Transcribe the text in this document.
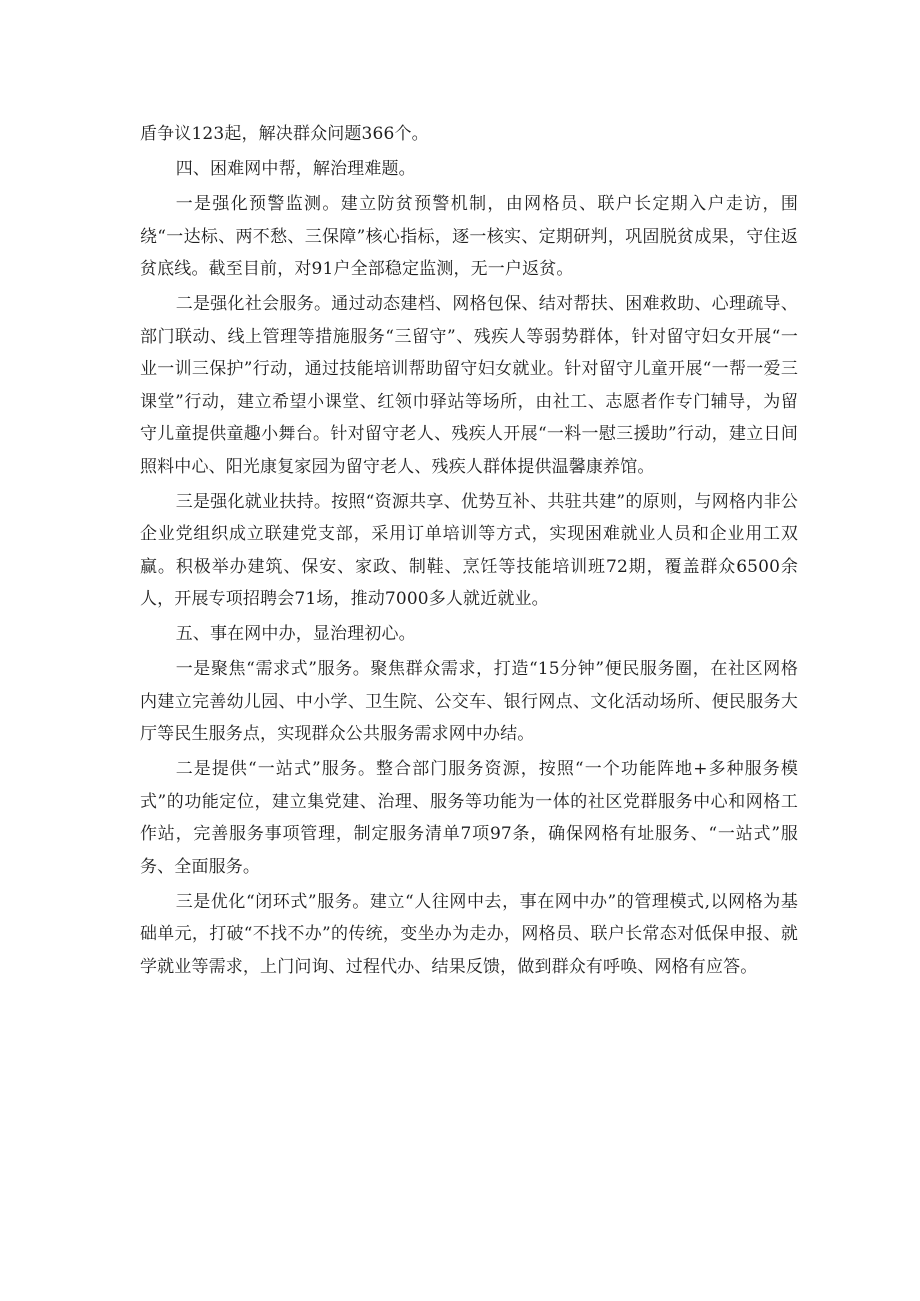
盾争议123起，解决群众问题366个。

四、困难网中帮，解治理难题。

一是强化预警监测。建立防贫预警机制，由网格员、联户长定期入户走访，围绕“一达标、两不愁、三保障”核心指标，逐一核实、定期研判，巩固脱贫成果，守住返贫底线。截至目前，对91户全部稳定监测，无一户返贫。

二是强化社会服务。通过动态建档、网格包保、结对帮扶、困难救助、心理疏导、部门联动、线上管理等措施服务“三留守”、残疾人等弱势群体，针对留守妇女开展“一业一训三保护”行动，通过技能培训帮助留守妇女就业。针对留守儿童开展“一帮一爱三课堂”行动，建立希望小课堂、红领巾驿站等场所，由社工、志愿者作专门辅导，为留守儿童提供童趣小舞台。针对留守老人、残疾人开展“一料一慰三援助”行动，建立日间照料中心、阳光康复家园为留守老人、残疾人群体提供温馨康养馆。

三是强化就业扶持。按照“资源共享、优势互补、共驻共建”的原则，与网格内非公企业党组织成立联建党支部，采用订单培训等方式，实现困难就业人员和企业用工双赢。积极举办建筑、保安、家政、制鞋、烹饪等技能培训班72期，覆盖群众6500余人，开展专项招聘会71场，推动7000多人就近就业。

五、事在网中办，显治理初心。

一是聚焦“需求式”服务。聚焦群众需求，打造“15分钟”便民服务圈，在社区网格内建立完善幼儿园、中小学、卫生院、公交车、银行网点、文化活动场所、便民服务大厅等民生服务点，实现群众公共服务需求网中办结。

二是提供“一站式”服务。整合部门服务资源，按照“一个功能阵地+多种服务模式”的功能定位，建立集党建、治理、服务等功能为一体的社区党群服务中心和网格工作站，完善服务事项管理，制定服务清单7项97条，确保网格有址服务、“一站式”服务、全面服务。

三是优化“闭环式”服务。建立“人往网中去，事在网中办”的管理模式,以网格为基础单元，打破“不找不办”的传统，变坐办为走办，网格员、联户长常态对低保申报、就学就业等需求，上门问询、过程代办、结果反馈，做到群众有呼唤、网格有应答。
